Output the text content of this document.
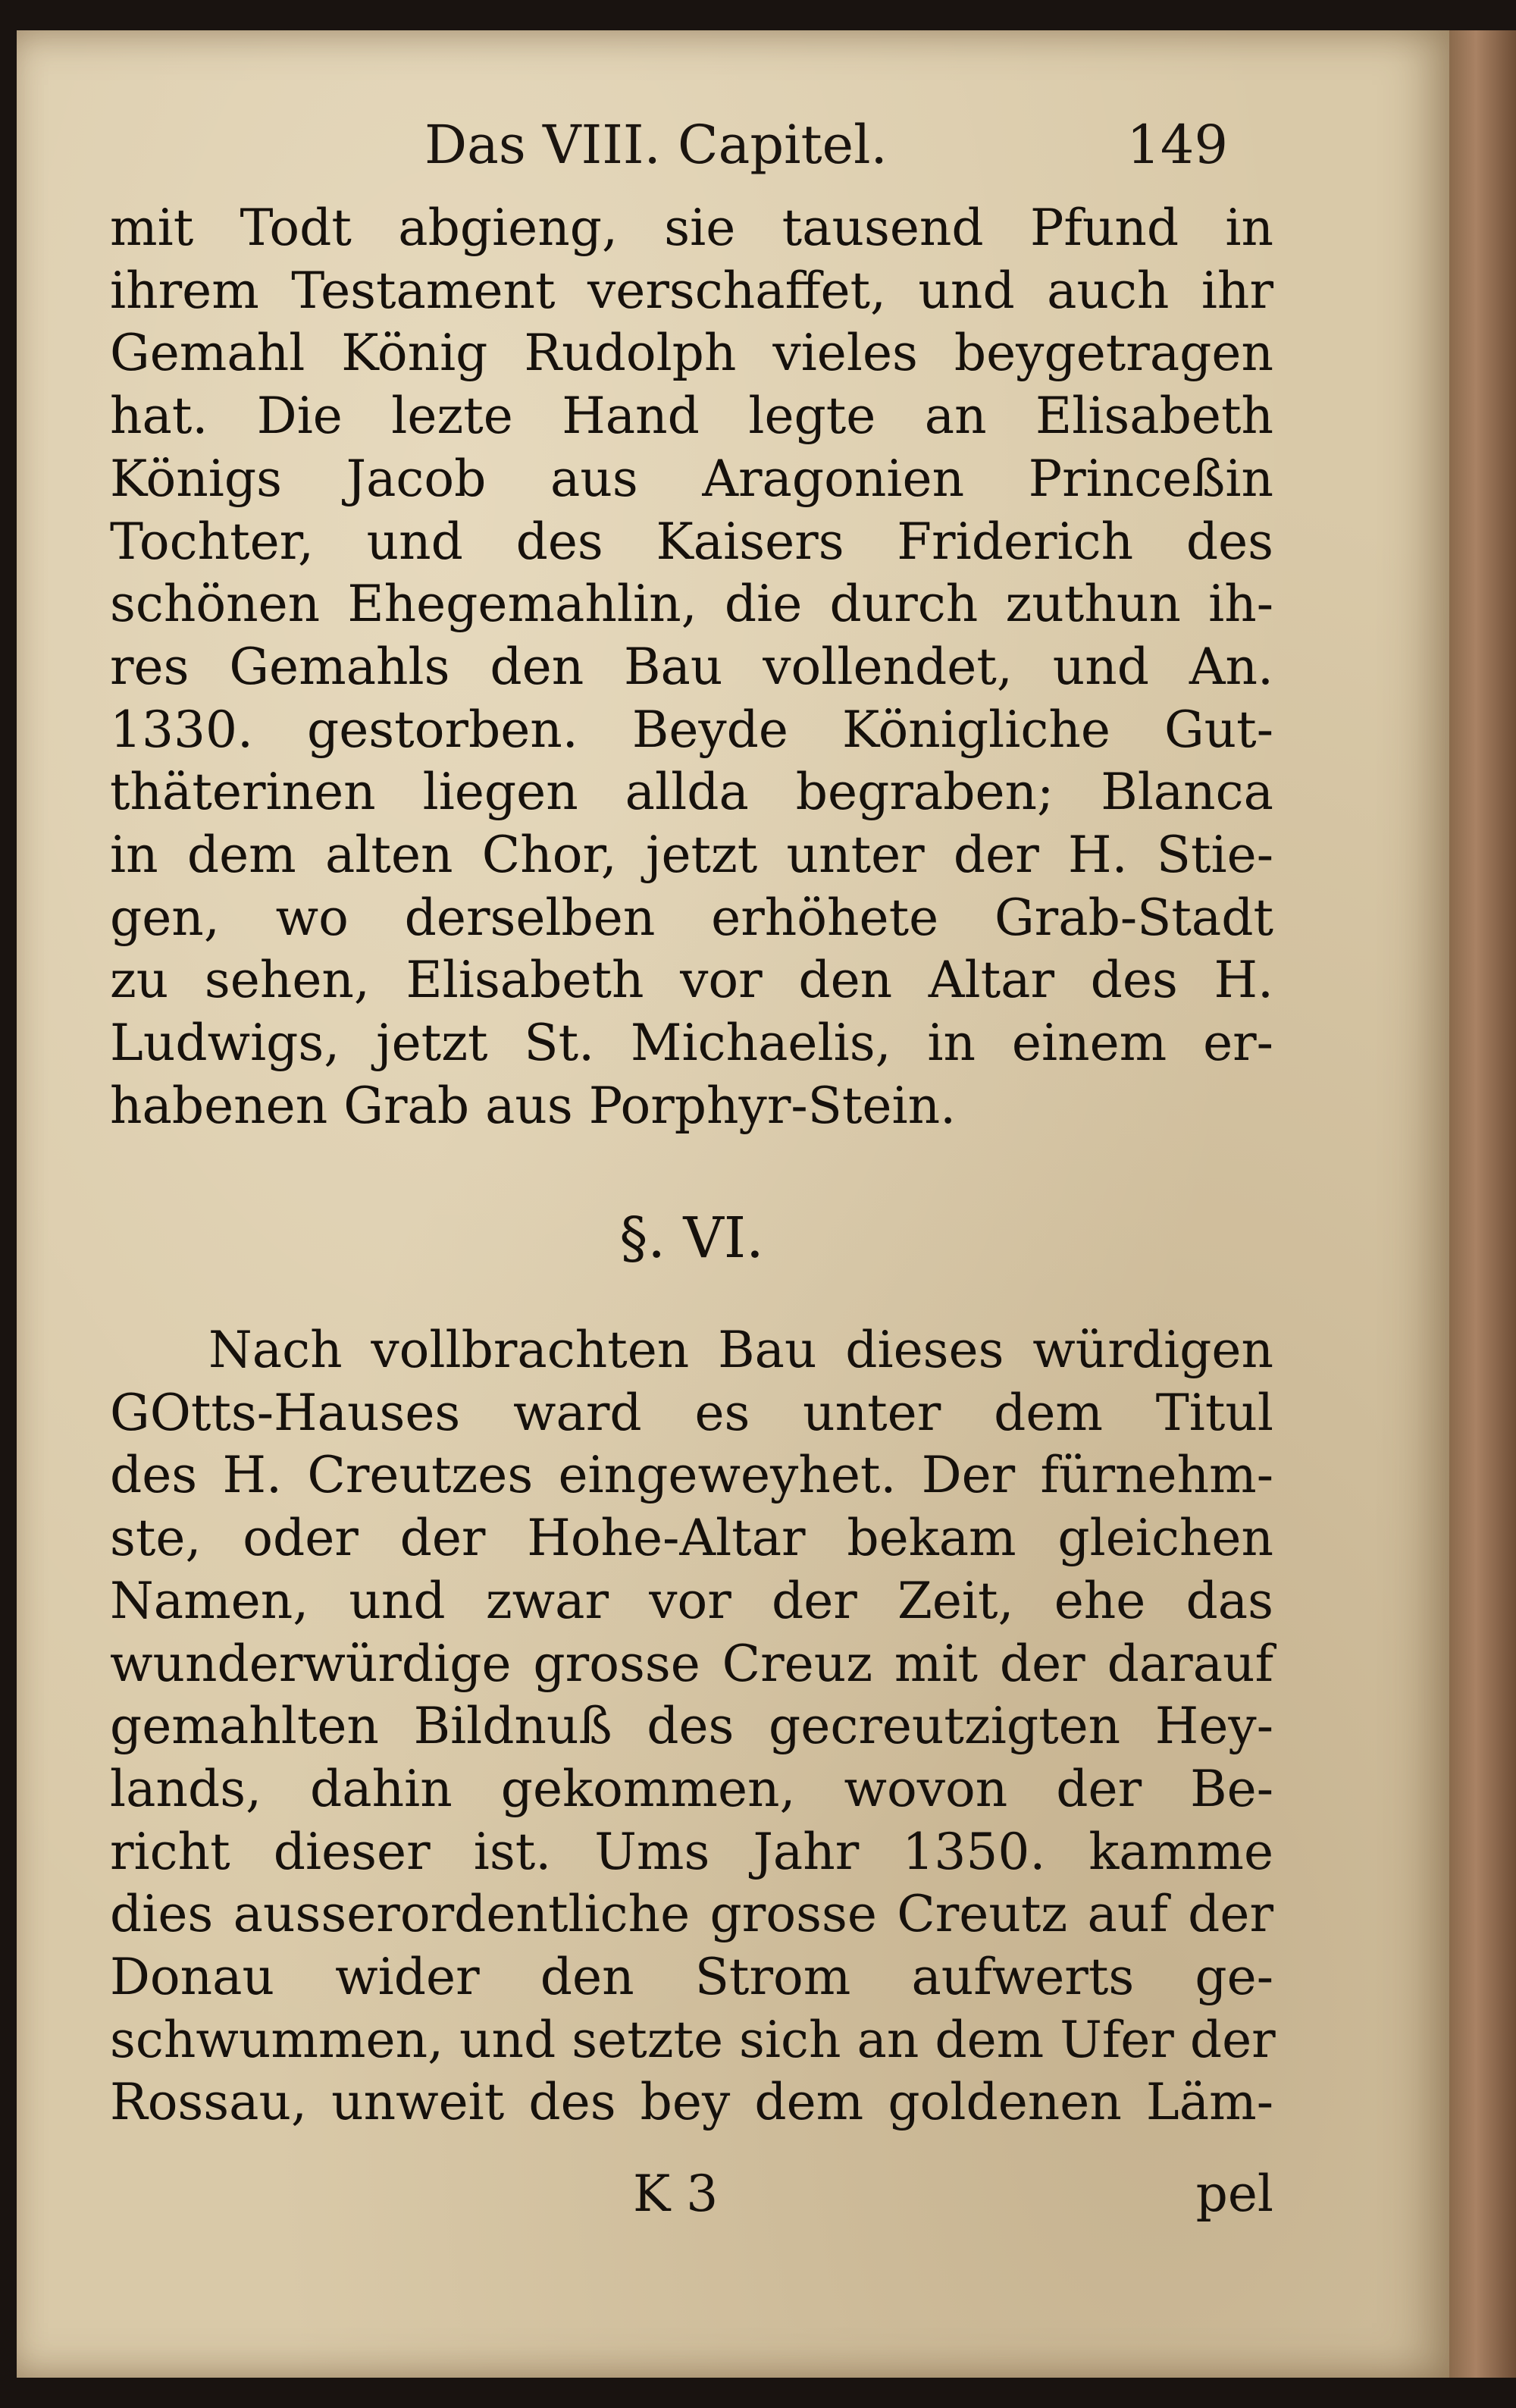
Das VIII. Capitel.	149
mit Todt abgieng, sie tausend Pfund in
ihrem Testament verschaffet, und auch ihr
Gemahl König Rudolph vieles beygetragen
hat. Die lezte Hand legte an Elisabeth
Königs Jacob aus Aragonien Princeßin
Tochter, und des Kaisers Friderich des
schönen Ehegemahlin, die durch zuthun ih-
res Gemahls den Bau vollendet, und An.
1330. gestorben. Beyde Königliche Gut-
thäterinen liegen allda begraben; Blanca
in dem alten Chor, jetzt unter der H. Stie-
gen, wo derselben erhöhete Grab-Stadt
zu sehen, Elisabeth vor den Altar des H.
Ludwigs, jetzt St. Michaelis, in einem er-
habenen Grab aus Porphyr-Stein.
§. VI.
Nach vollbrachten Bau dieses würdigen
GOtts-Hauses ward es unter dem Titul
des H. Creutzes eingeweyhet. Der fürnehm-
ste, oder der Hohe-Altar bekam gleichen
Namen, und zwar vor der Zeit, ehe das
wunderwürdige grosse Creuz mit der darauf
gemahlten Bildnuß des gecreutzigten Hey-
lands, dahin gekommen, wovon der Be-
richt dieser ist. Ums Jahr 1350. kamme
dies ausserordentliche grosse Creutz auf der
Donau wider den Strom aufwerts ge-
schwummen, und setzte sich an dem Ufer der
Rossau, unweit des bey dem goldenen Läm-
K 3	pel
